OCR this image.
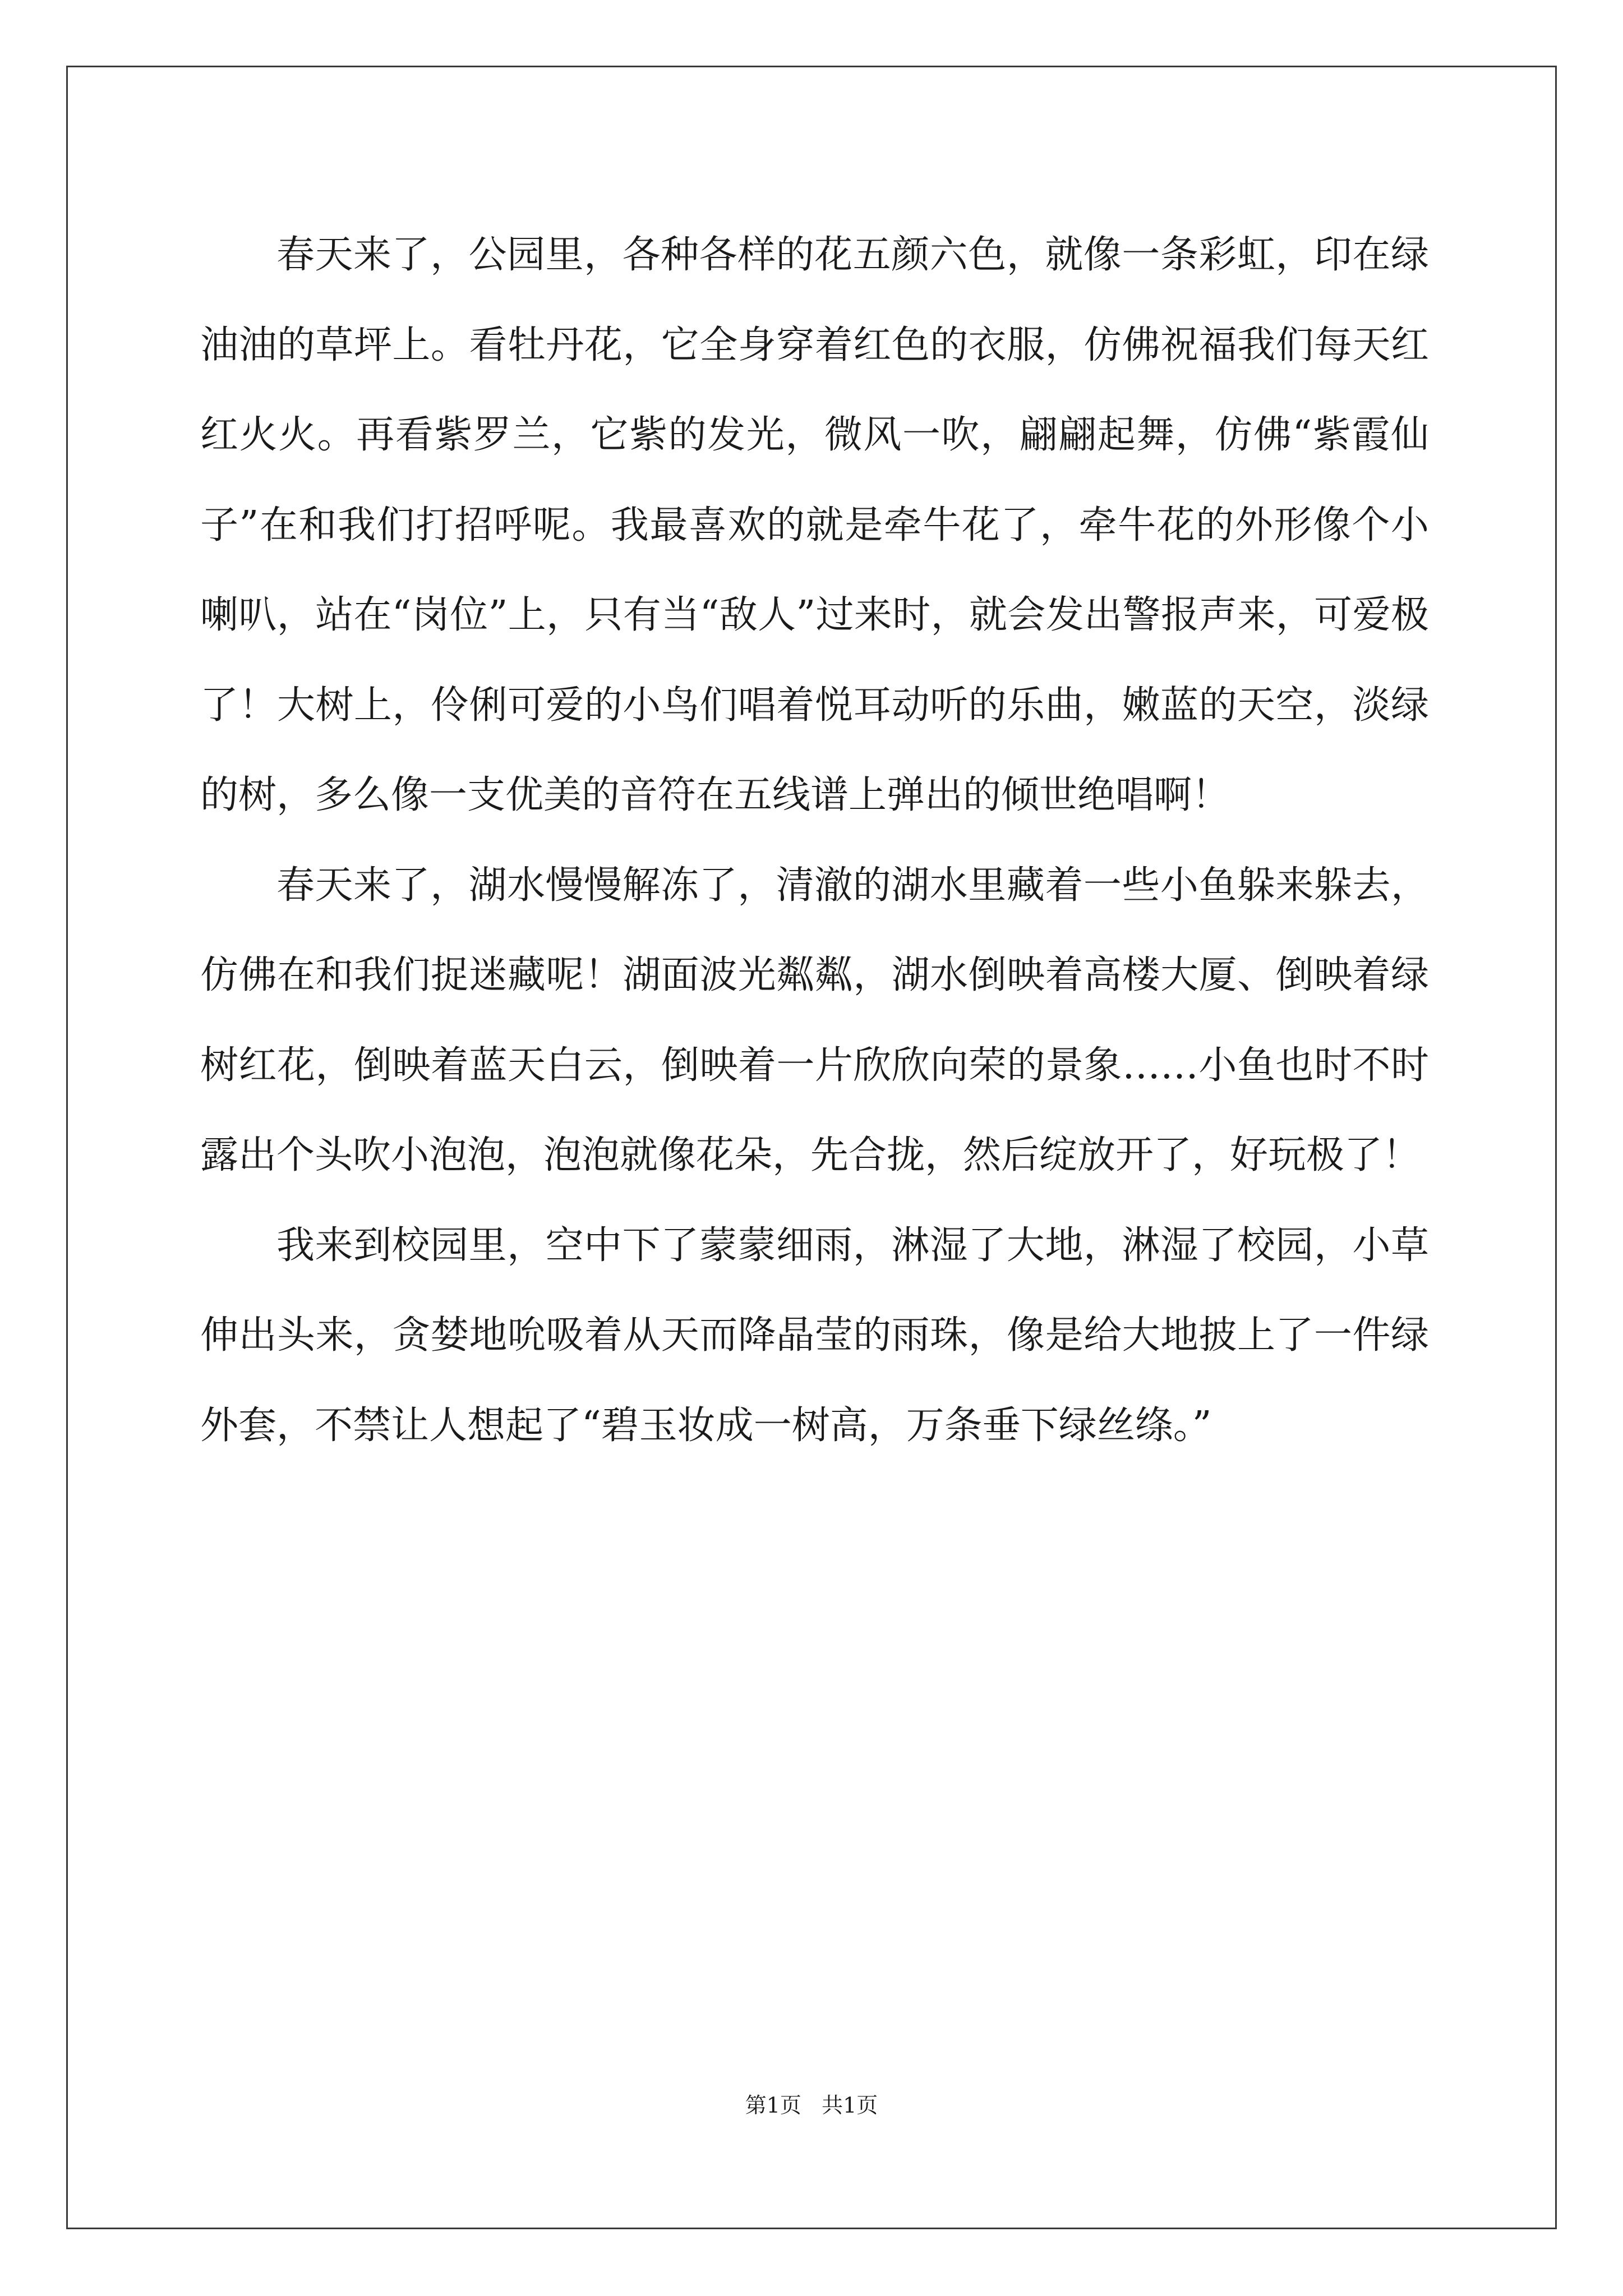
春天来了，公园里，各种各样的花五颜六色，就像一条彩虹，印在绿油油的草坪上。看牡丹花，它全身穿着红色的衣服，仿佛祝福我们每天红红火火。再看紫罗兰，它紫的发光，微风一吹，翩翩起舞，仿佛“紫霞仙子”在和我们打招呼呢。我最喜欢的就是牵牛花了，牵牛花的外形像个小喇叭，站在“岗位”上，只有当“敌人”过来时，就会发出警报声来，可爱极了！大树上，伶俐可爱的小鸟们唱着悦耳动听的乐曲，嫩蓝的天空，淡绿的树，多么像一支优美的音符在五线谱上弹出的倾世绝唱啊！

春天来了，湖水慢慢解冻了，清澈的湖水里藏着一些小鱼躲来躲去，仿佛在和我们捉迷藏呢！湖面波光粼粼，湖水倒映着高楼大厦、倒映着绿树红花，倒映着蓝天白云，倒映着一片欣欣向荣的景象……小鱼也时不时露出个头吹小泡泡，泡泡就像花朵，先合拢，然后绽放开了，好玩极了！

我来到校园里，空中下了蒙蒙细雨，淋湿了大地，淋湿了校园，小草伸出头来，贪婪地吮吸着从天而降晶莹的雨珠，像是给大地披上了一件绿外套，不禁让人想起了“碧玉妆成一树高，万条垂下绿丝绦。”

第1页   共1页
